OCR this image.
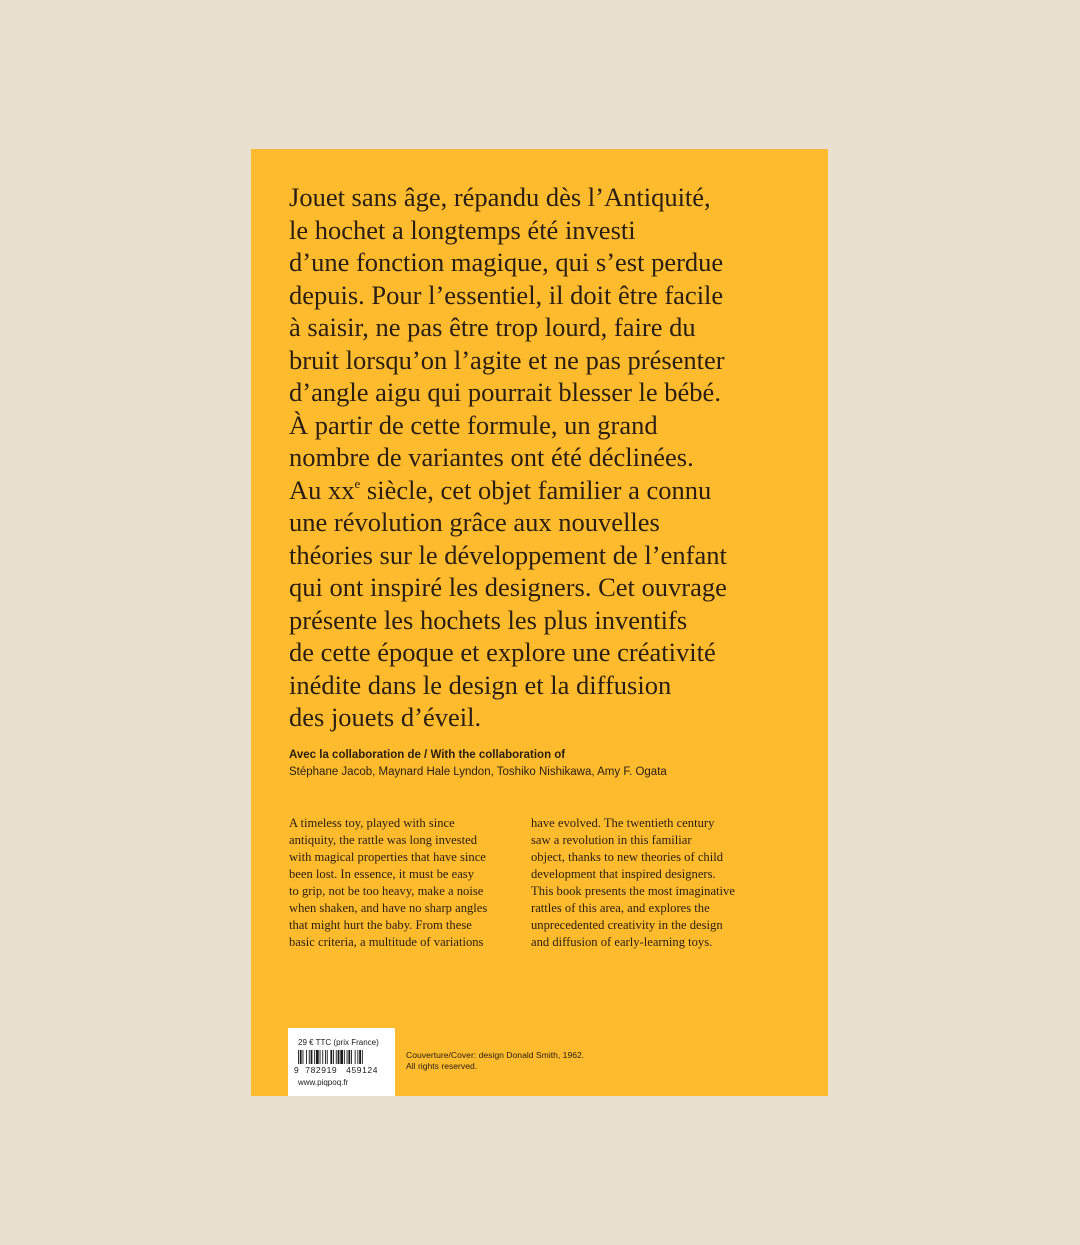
Jouet sans âge, répandu dès l’Antiquité,
le hochet a longtemps été investi
d’une fonction magique, qui s’est perdue
depuis. Pour l’essentiel, il doit être facile
à saisir, ne pas être trop lourd, faire du
bruit lorsqu’on l’agite et ne pas présenter
d’angle aigu qui pourrait blesser le bébé.
À partir de cette formule, un grand
nombre de variantes ont été déclinées.
Au $xx^e$ siècle, cet objet familier a connu
une révolution grâce aux nouvelles
théories sur le développement de l’enfant
qui ont inspiré les designers. Cet ouvrage
présente les hochets les plus inventifs
de cette époque et explore une créativité
inédite dans le design et la diffusion
des jouets d’éveil.
Avec la collaboration de / With the collaboration of
Stéphane Jacob, Maynard Hale Lyndon, Toshiko Nishikawa, Amy F. Ogata
A timeless toy, played with since
antiquity, the rattle was long invested
with magical properties that have since
been lost. In essence, it must be easy
to grip, not be too heavy, make a noise
when shaken, and have no sharp angles
that might hurt the baby. From these
basic criteria, a multitude of variations
have evolved. The twentieth century
saw a revolution in this familiar
object, thanks to new theories of child
development that inspired designers.
This book presents the most imaginative
rattles of this area, and explores the
unprecedented creativity in the design
and diffusion of early-learning toys.
29 € TTC (prix France)
9 782919 459124
www.piqpoq.fr
Couverture/Cover: design Donald Smith, 1962.
All rights reserved.
